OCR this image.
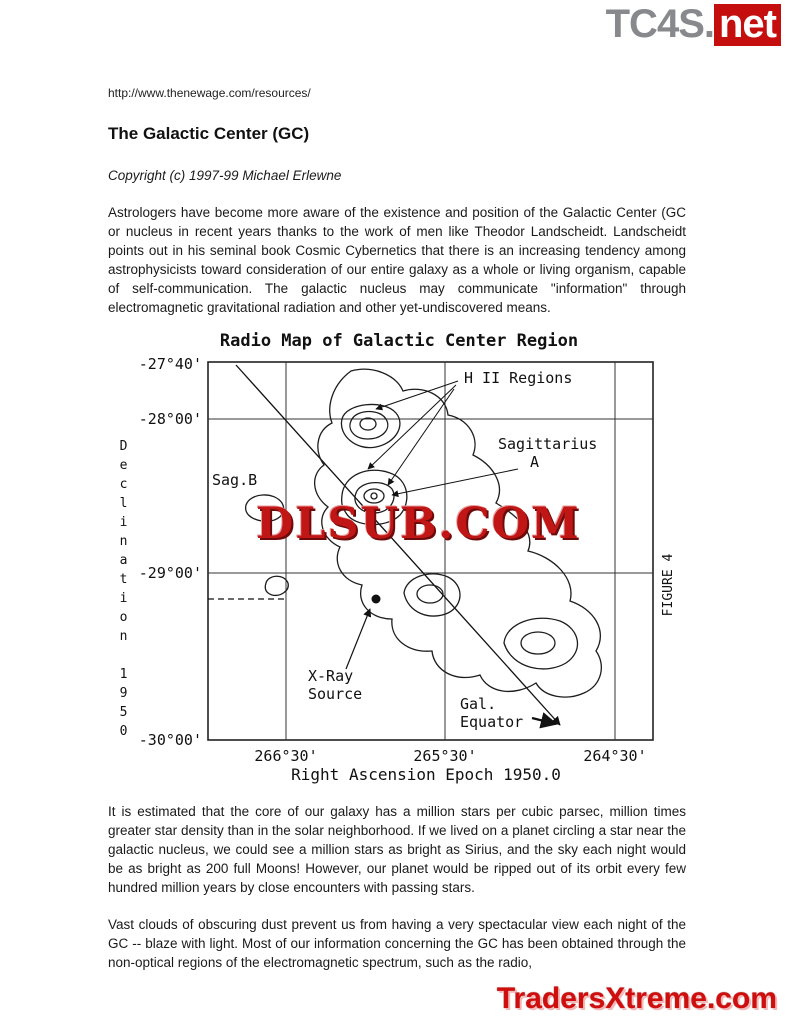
TC4S. net
http://www.thenewage.com/resources/
The Galactic Center (GC)
Copyright (c) 1997-99 Michael Erlewne

Astrologers have become more aware of the existence and position of the Galactic Center (GC or nucleus in recent years thanks to the work of men like Theodor Landscheidt. Landscheidt points out in his seminal book Cosmic Cybernetics that there is an increasing tendency among astrophysicists toward consideration of our entire galaxy as a whole or living organism, capable of self-communication. The galactic nucleus may communicate "information" through electromagnetic gravitational radiation and other yet-undiscovered means.

Radio Map of Galactic Center Region
Declination 1950
-27°40'
-28°00'
-29°00'
-30°00'
266°30'	265°30'	264°30'
Right Ascension Epoch 1950.0
FIGURE 4
H II Regions
Sagittarius
A
Sag.B
X-Ray
Source
Gal.
Equator
DLSUB.COM

It is estimated that the core of our galaxy has a million stars per cubic parsec, million times greater star density than in the solar neighborhood. If we lived on a planet circling a star near the galactic nucleus, we could see a million stars as bright as Sirius, and the sky each night would be as bright as 200 full Moons! However, our planet would be ripped out of its orbit every few hundred million years by close encounters with passing stars.

Vast clouds of obscuring dust prevent us from having a very spectacular view each night of the GC -- blaze with light. Most of our information concerning the GC has been obtained through the non-optical regions of the electromagnetic spectrum, such as the radio,

TradersXtreme.com
